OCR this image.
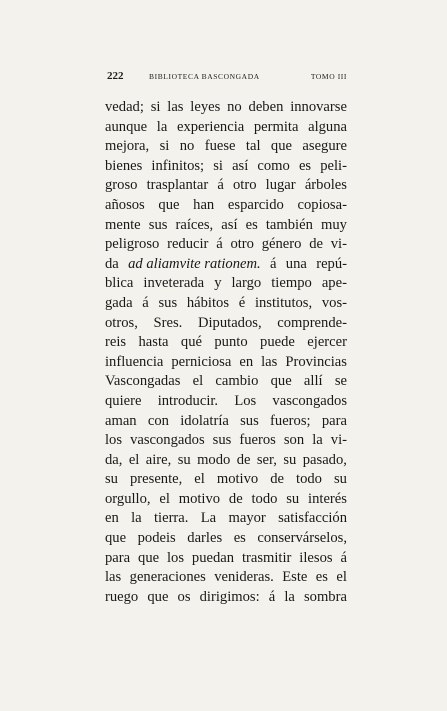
222	BIBLIOTECA BASCONGADA	TOMO III
vedad; si las leyes no deben innovarse
aunque la experiencia permita alguna
mejora, si no fuese tal que asegure
bienes infinitos; si así como es peli-
groso trasplantar á otro lugar árboles
añosos que han esparcido copiosa-
mente sus raíces, así es también muy
peligroso reducir á otro género de vi-
da ad aliamvite rationem. á una repú-
blica inveterada y largo tiempo ape-
gada á sus hábitos é institutos, vos-
otros, Sres. Diputados, comprende-
reis hasta qué punto puede ejercer
influencia perniciosa en las Provincias
Vascongadas el cambio que allí se
quiere introducir. Los vascongados
aman con idolatría sus fueros; para
los vascongados sus fueros son la vi-
da, el aire, su modo de ser, su pasado,
su presente, el motivo de todo su
orgullo, el motivo de todo su interés
en la tierra. La mayor satisfacción
que podeis darles es conservárselos,
para que los puedan trasmitir ilesos á
las generaciones venideras. Este es el
ruego que os dirigimos: á la sombra
